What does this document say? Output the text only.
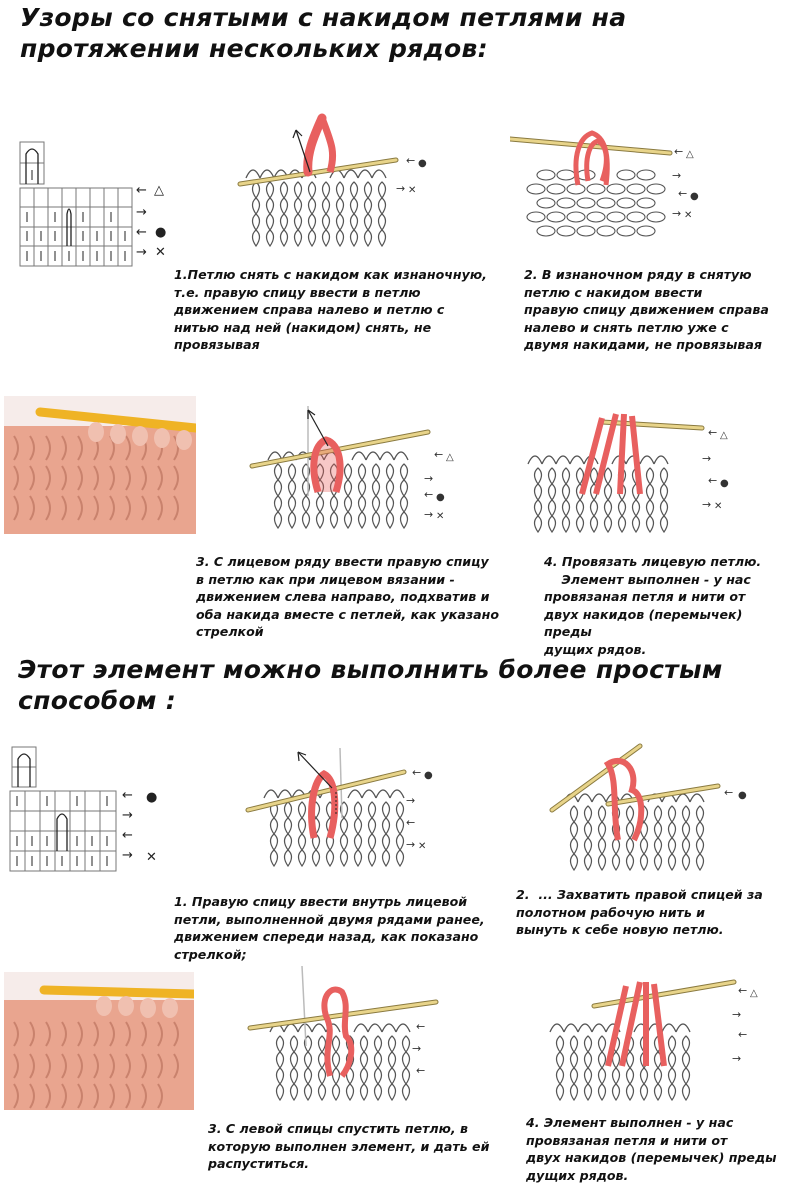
Узоры со снятыми с накидом петлями на протяжении нескольких рядов:
Этот элемент можно выполнить более простым способом :
← △
→
← ●
→ ✕
← ●
→
←
→ ✕
← ●
→ ✕
← △
→
← ●
→ ✕
← △
→
← ●
→ ✕
← △
→
← ●
→ ✕
← ●
→
←
→ ✕
← ●
←
→
←
← △
→
←
→
1.Петлю снять с накидом как изнаночную,
т.е. правую спицу ввести в петлю
движением справа налево и петлю с
нитью над ней (накидом) снять, не
провязывая
2. В изнаночном ряду в снятую
петлю с накидом ввести
правую спицу движением справа
налево и снять петлю уже с
двумя накидами, не провязывая
3. С лицевом ряду ввести правую спицу
в петлю как при лицевом вязании -
движением слева направо, подхватив и
оба накида вместе с петлей, как указано
стрелкой
4. Провязать лицевую петлю.
Элемент выполнен - у нас
провязаная петля и нити от
двух накидов (перемычек) преды
дущих рядов.
1. Правую спицу ввести внутрь лицевой
петли, выполненной двумя рядами ранее,
движением спереди назад, как показано
стрелкой;
2.  ... Захватить правой спицей за
полотном рабочую нить и
вынуть к себе новую петлю.
3. С левой спицы спустить петлю, в
которую выполнен элемент, и дать ей
распуститься.
4. Элемент выполнен - у нас
провязаная петля и нити от
двух накидов (перемычек) преды
дущих рядов.
